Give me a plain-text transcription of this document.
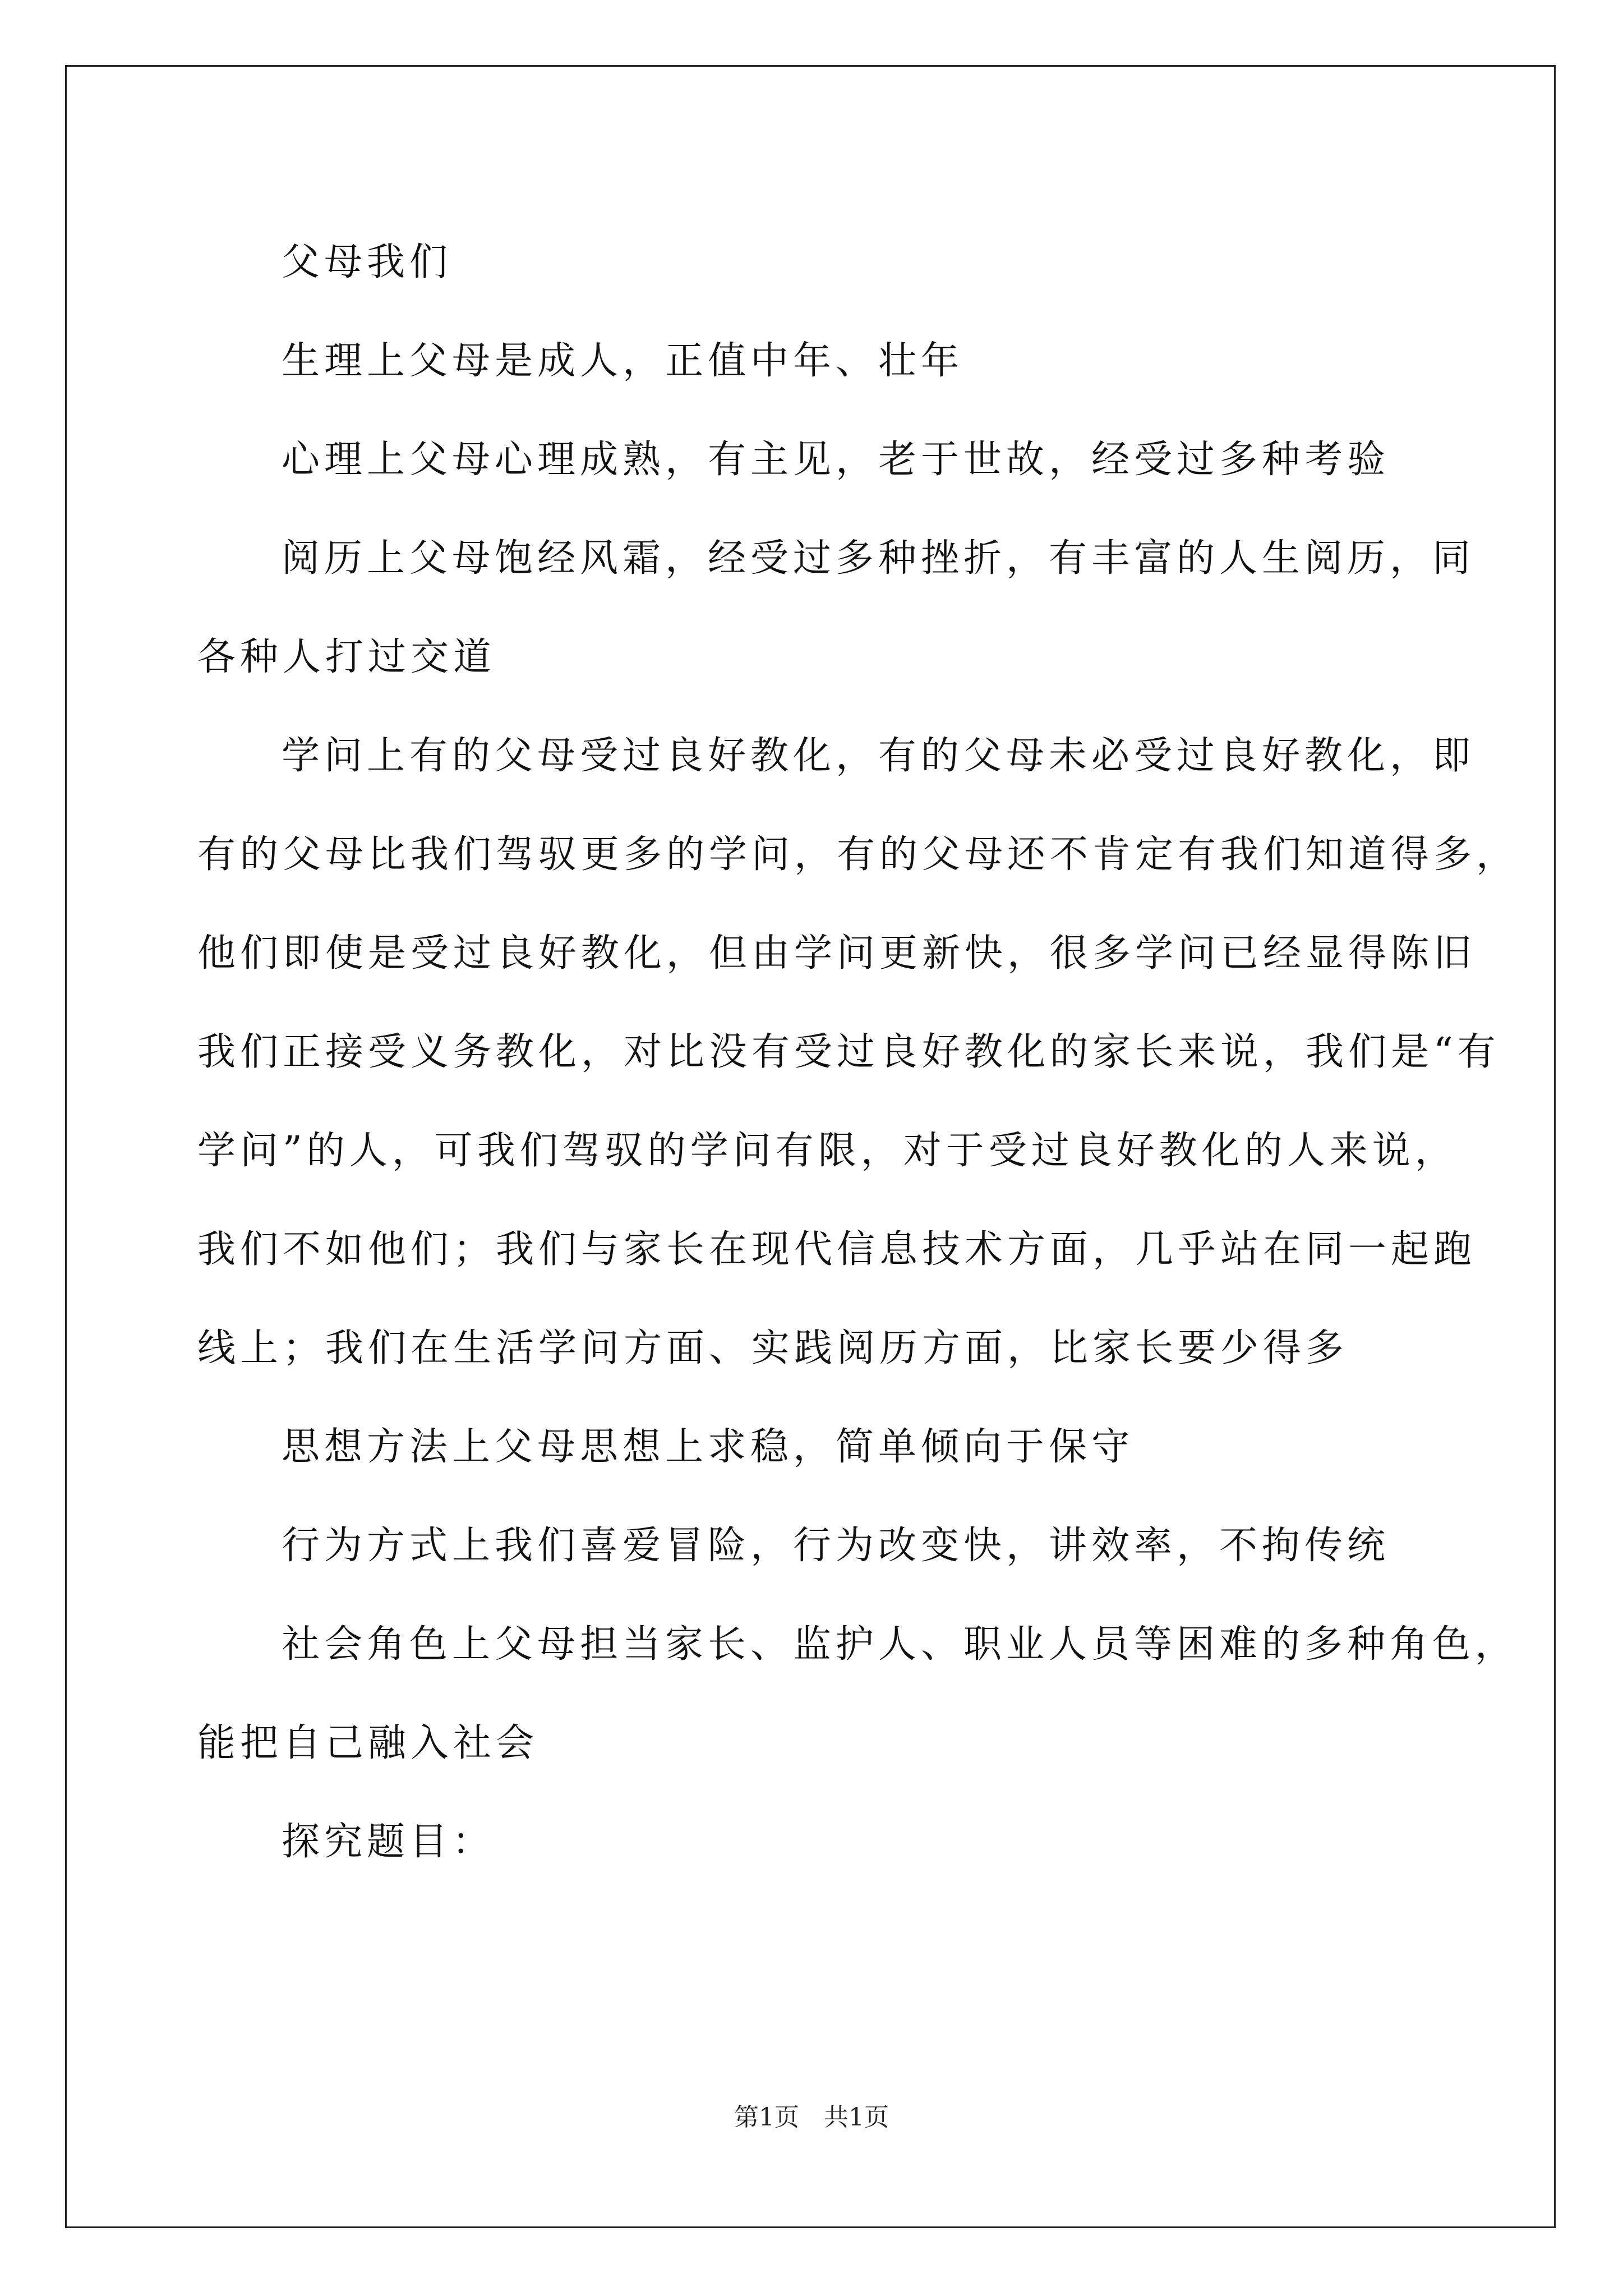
父母我们

生理上父母是成人，正值中年、壮年

心理上父母心理成熟，有主见，老于世故，经受过多种考验

阅历上父母饱经风霜，经受过多种挫折，有丰富的人生阅历，同

各种人打过交道

学问上有的父母受过良好教化，有的父母未必受过良好教化，即

有的父母比我们驾驭更多的学问，有的父母还不肯定有我们知道得多，

他们即使是受过良好教化，但由学问更新快，很多学问已经显得陈旧

我们正接受义务教化，对比没有受过良好教化的家长来说，我们是“有

学问”的人，可我们驾驭的学问有限，对于受过良好教化的人来说，

我们不如他们；我们与家长在现代信息技术方面，几乎站在同一起跑

线上；我们在生活学问方面、实践阅历方面，比家长要少得多

思想方法上父母思想上求稳，简单倾向于保守

行为方式上我们喜爱冒险，行为改变快，讲效率，不拘传统

社会角色上父母担当家长、监护人、职业人员等困难的多种角色，

能把自己融入社会

探究题目：

第1页　共1页
